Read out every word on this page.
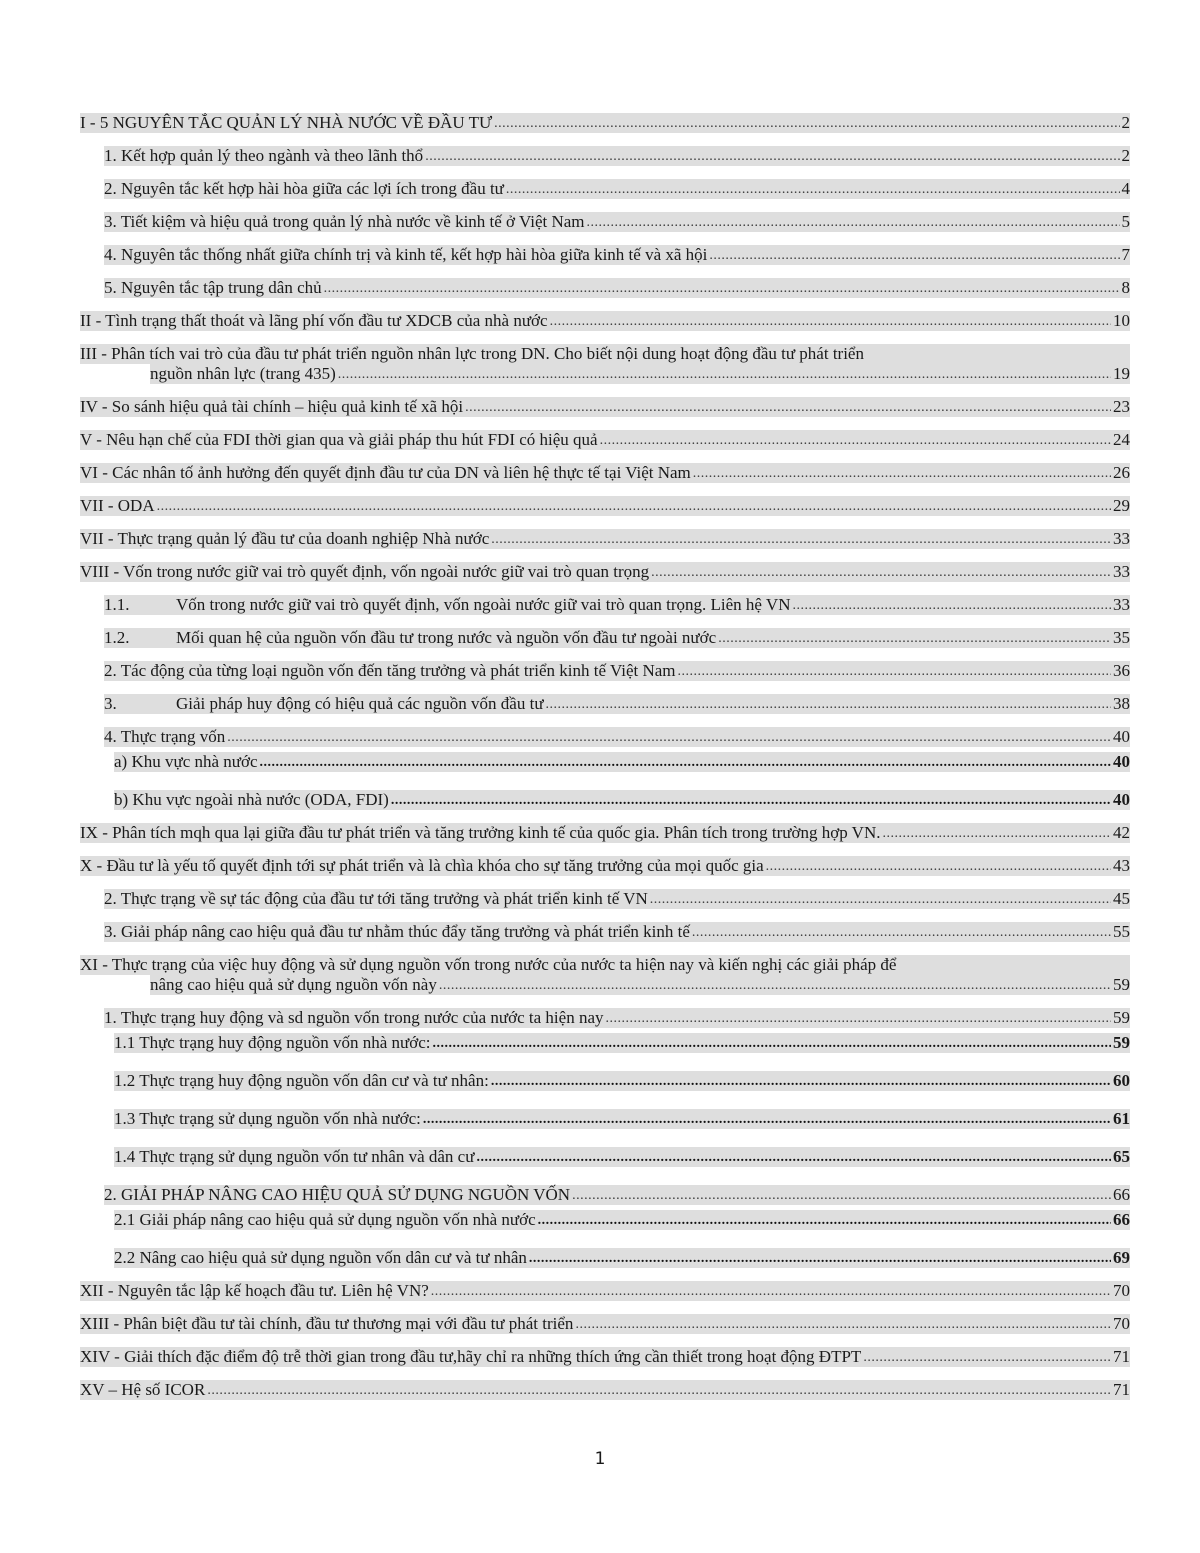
I - 5 NGUYÊN TẮC QUẢN LÝ NHÀ NƯỚC VỀ ĐẦU TƯ .....	2
1. Kết hợp quản lý theo ngành và theo lãnh thổ .....	2
2. Nguyên tắc kết hợp hài hòa giữa các lợi ích trong đầu tư .....	4
3. Tiết kiệm và hiệu quả trong quản lý nhà nước về kinh tế ở Việt Nam .....	5
4. Nguyên tắc thống nhất giữa chính trị và kinh tế, kết hợp hài hòa giữa kinh tế và xã hội .....	7
5. Nguyên tắc tập trung dân chủ .....	8
II - Tình trạng thất thoát và lãng phí vốn đầu tư XDCB của nhà nước .....	10
III - Phân tích vai trò của đầu tư phát triển nguồn nhân lực trong DN. Cho biết nội dung hoạt động đầu tư phát triển
nguồn nhân lực (trang 435) .....	19
IV - So sánh hiệu quả tài chính – hiệu quả kinh tế xã hội .....	23
V - Nêu hạn chế của FDI thời gian qua và giải pháp thu hút FDI có hiệu quả .....	24
VI - Các nhân tố ảnh hưởng đến quyết định đầu tư của DN và liên hệ thực tế tại Việt Nam .....	26
VII - ODA .....	29
VII - Thực trạng quản lý đầu tư của doanh nghiệp Nhà nước .....	33
VIII - Vốn trong nước giữ vai trò quyết định, vốn ngoài nước giữ vai trò quan trọng .....	33
1.1.	Vốn trong nước giữ vai trò quyết định, vốn ngoài nước giữ vai trò quan trọng. Liên hệ VN .....	33
1.2.	Mối quan hệ của nguồn vốn đầu tư trong nước và nguồn vốn đầu tư ngoài nước .....	35
2. Tác động của từng loại nguồn vốn đến tăng trưởng và phát triển kinh tế Việt Nam .....	36
3.	Giải pháp huy động có hiệu quả các nguồn vốn đầu tư .....	38
4. Thực trạng vốn .....	40
a) Khu vực nhà nước .....	40
b) Khu vực ngoài nhà nước (ODA, FDI) .....	40
IX - Phân tích mqh qua lại giữa đầu tư phát triển và tăng trưởng kinh tế của quốc gia. Phân tích trong trường hợp VN. .....	42
X - Đầu tư là yếu tố quyết định tới sự phát triển và là chìa khóa cho sự tăng trưởng của mọi quốc gia .....	43
2. Thực trạng về sự tác động của đầu tư tới tăng trưởng và phát triển kinh tế VN .....	45
3. Giải pháp nâng cao hiệu quả đầu tư nhằm thúc đẩy tăng trưởng và phát triển kinh tế .....	55
XI - Thực trạng của việc huy động và sử dụng nguồn vốn trong nước của nước ta hiện nay và kiến nghị các giải pháp để
nâng cao hiệu quả sử dụng nguồn vốn này .....	59
1. Thực trạng huy động và sd nguồn vốn trong nước của nước ta hiện nay .....	59
1.1 Thực trạng huy động nguồn vốn nhà nước: .....	59
1.2 Thực trạng huy động nguồn vốn dân cư và tư nhân: .....	60
1.3 Thực trạng sử dụng nguồn vốn nhà nước: .....	61
1.4 Thực trạng sử dụng nguồn vốn tư nhân và dân cư .....	65
2. GIẢI PHÁP NÂNG CAO HIỆU QUẢ SỬ DỤNG NGUỒN VỐN .....	66
2.1 Giải pháp nâng cao hiệu quả sử dụng nguồn vốn nhà nước .....	66
2.2 Nâng cao hiệu quả sử dụng nguồn vốn dân cư và tư nhân .....	69
XII - Nguyên tắc lập kế hoạch đầu tư. Liên hệ VN? .....	70
XIII - Phân biệt đầu tư tài chính, đầu tư thương mại với đầu tư phát triển .....	70
XIV - Giải thích đặc điểm độ trễ thời gian trong đầu tư,hãy chỉ ra những thích ứng cần thiết trong hoạt động ĐTPT .....	71
XV – Hệ số ICOR .....	71
1
